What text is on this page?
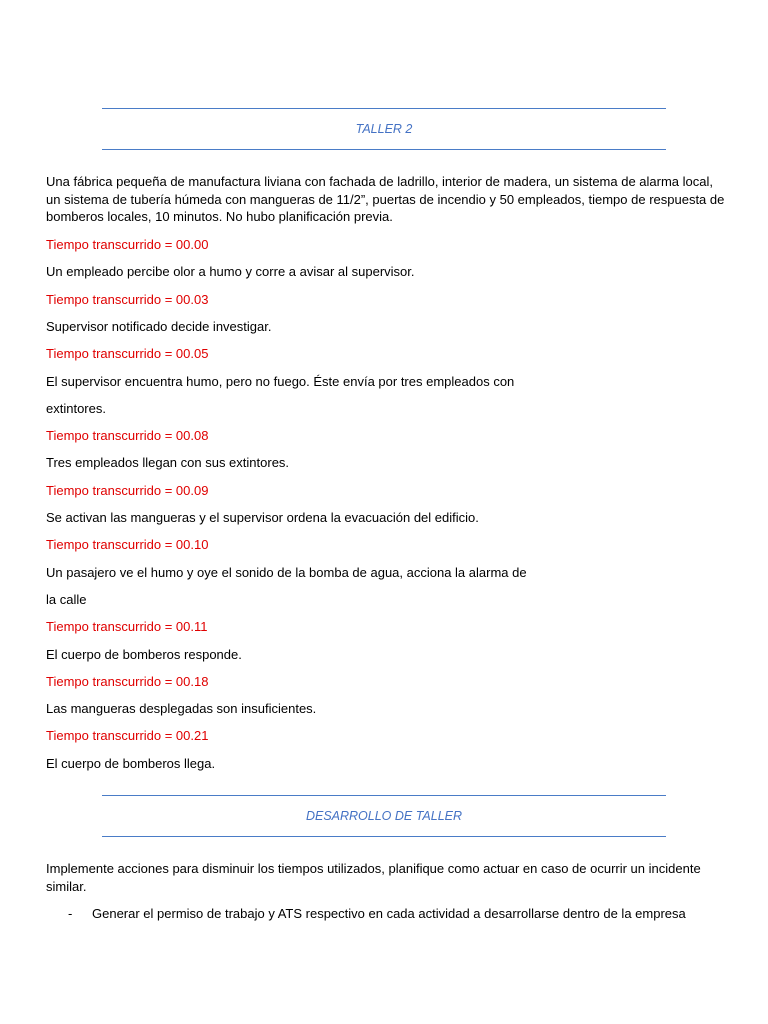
TALLER 2
Una fábrica pequeña de manufactura liviana con fachada de ladrillo, interior de madera, un sistema de alarma local, un sistema de tubería húmeda con mangueras de 11/2”, puertas de incendio y 50 empleados, tiempo de respuesta de bomberos locales, 10 minutos. No hubo planificación previa.
Tiempo transcurrido = 00.00
Un empleado percibe olor a humo y corre a avisar al supervisor.
Tiempo transcurrido = 00.03
Supervisor notificado decide investigar.
Tiempo transcurrido = 00.05
El supervisor encuentra humo, pero no fuego. Éste envía por tres empleados con
extintores.
Tiempo transcurrido = 00.08
Tres empleados llegan con sus extintores.
Tiempo transcurrido = 00.09
Se activan las mangueras y el supervisor ordena la evacuación del edificio.
Tiempo transcurrido = 00.10
Un pasajero ve el humo y oye el sonido de la bomba de agua, acciona la alarma de
la calle
Tiempo transcurrido = 00.11
El cuerpo de bomberos responde.
Tiempo transcurrido = 00.18
Las mangueras desplegadas son insuficientes.
Tiempo transcurrido = 00.21
El cuerpo de bomberos llega.
DESARROLLO DE TALLER
Implemente acciones para disminuir los tiempos utilizados, planifique como actuar en caso de ocurrir un incidente similar.
- Generar el permiso de trabajo y ATS respectivo en cada actividad a desarrollarse dentro de la empresa
